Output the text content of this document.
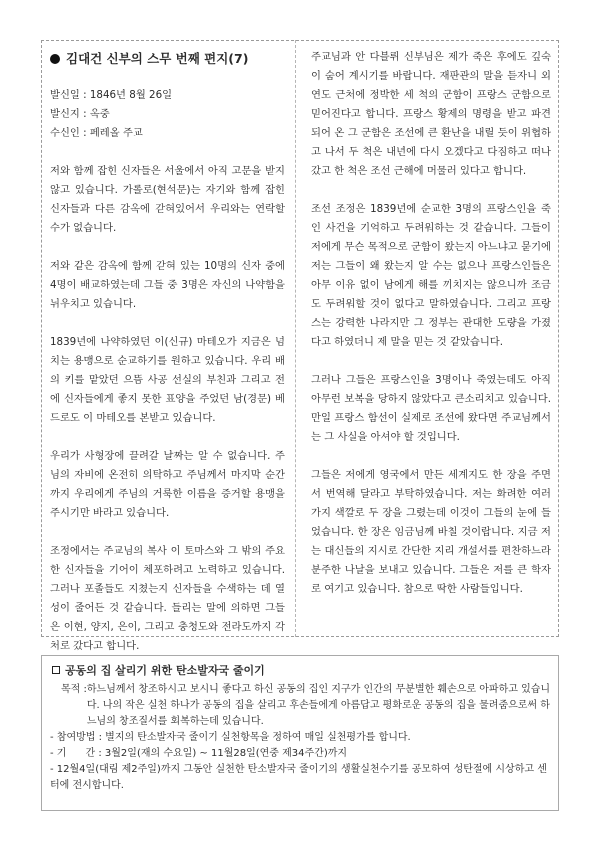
김대건 신부의 스무 번째 편지(7)

발신일 : 1846년 8월 26일

발신지 : 옥중

수신인 : 페레올 주교

저와 함께 잡힌 신자들은 서울에서 아직 고문을 받지 않고 있습니다. 가롤로(현석문)는 자기와 함께 잡힌 신자들과 다른 감옥에 갇혀있어서 우리와는 연락할 수가 없습니다.

저와 같은 감옥에 함께 갇혀 있는 10명의 신자 중에 4명이 배교하였는데 그들 중 3명은 자신의 나약함을 뉘우치고 있습니다.

1839년에 나약하였던 이(신규) 마테오가 지금은 넘치는 용맹으로 순교하기를 원하고 있습니다. 우리 배의 키를 맡았던 으뜸 사공 선실의 부친과 그리고 전에 신자들에게 좋지 못한 표양을 주었던 남(경문) 베드로도 이 마테오를 본받고 있습니다.

우리가 사형장에 끌려갈 날짜는 알 수 없습니다. 주님의 자비에 온전히 의탁하고 주님께서 마지막 순간까지 우리에게 주님의 거룩한 이름을 증거할 용맹을 주시기만 바라고 있습니다.

조정에서는 주교님의 복사 이 토마스와 그 밖의 주요한 신자들을 기어이 체포하려고 노력하고 있습니다. 그러나 포졸들도 지쳤는지 신자들을 수색하는 데 열성이 줄어든 것 같습니다. 들리는 말에 의하면 그들은 이현, 양지, 은이, 그리고 충청도와 전라도까지 각처로 갔다고 합니다.

주교님과 안 다블뤼 신부님은 제가 죽은 후에도 깊숙이 숨어 계시기를 바랍니다. 재판관의 말을 듣자니 외연도 근처에 정박한 세 척의 군함이 프랑스 군함으로 믿어진다고 합니다. 프랑스 황제의 명령을 받고 파견되어 온 그 군함은 조선에 큰 환난을 내릴 듯이 위협하고 나서 두 척은 내년에 다시 오겠다고 다짐하고 떠나갔고 한 척은 조선 근해에 머물러 있다고 합니다.

조선 조정은 1839년에 순교한 3명의 프랑스인을 죽인 사건을 기억하고 두려워하는 것 같습니다. 그들이 저에게 무슨 목적으로 군함이 왔는지 아느냐고 묻기에 저는 그들이 왜 왔는지 알 수는 없으나 프랑스인들은 아무 이유 없이 남에게 해를 끼치지는 않으니까 조금도 두려워할 것이 없다고 말하였습니다. 그리고 프랑스는 강력한 나라지만 그 정부는 관대한 도량을 가졌다고 하였더니 제 말을 믿는 것 같았습니다.

그러나 그들은 프랑스인을 3명이나 죽였는데도 아직 아무런 보복을 당하지 않았다고 큰소리치고 있습니다. 만일 프랑스 함선이 실제로 조선에 왔다면 주교님께서는 그 사실을 아셔야 할 것입니다.

그들은 저에게 영국에서 만든 세계지도 한 장을 주면서 번역해 달라고 부탁하였습니다. 저는 화려한 여러 가지 색깔로 두 장을 그렸는데 이것이 그들의 눈에 들었습니다. 한 장은 임금님께 바칠 것이랍니다. 지금 저는 대신들의 지시로 간단한 지리 개설서를 편찬하느라 분주한 나날을 보내고 있습니다. 그들은 저를 큰 학자로 여기고 있습니다. 참으로 딱한 사람들입니다.

공동의 집 살리기 위한 탄소발자국 줄이기
목적 : 하느님께서 창조하시고 보시니 좋다고 하신 공동의 집인 지구가 인간의 무분별한 훼손으로 아파하고 있습니다. 나의 작은 실천 하나가 공동의 집을 살리고 후손들에게 아름답고 평화로운 공동의 집을 물려줌으로써 하느님의 창조질서를 회복하는데 있습니다.
- 참여방법 : 별지의 탄소발자국 줄이기 실천항목을 정하여 매일 실천평가를 합니다.
- 기      간 : 3월2일(재의 수요일) ~ 11월28일(연중 제34주간)까지
- 12월4일(대림 제2주일)까지 그동안 실천한 탄소발자국 줄이기의 생활실천수기를 공모하여 성탄절에 시상하고 센터에 전시합니다.
